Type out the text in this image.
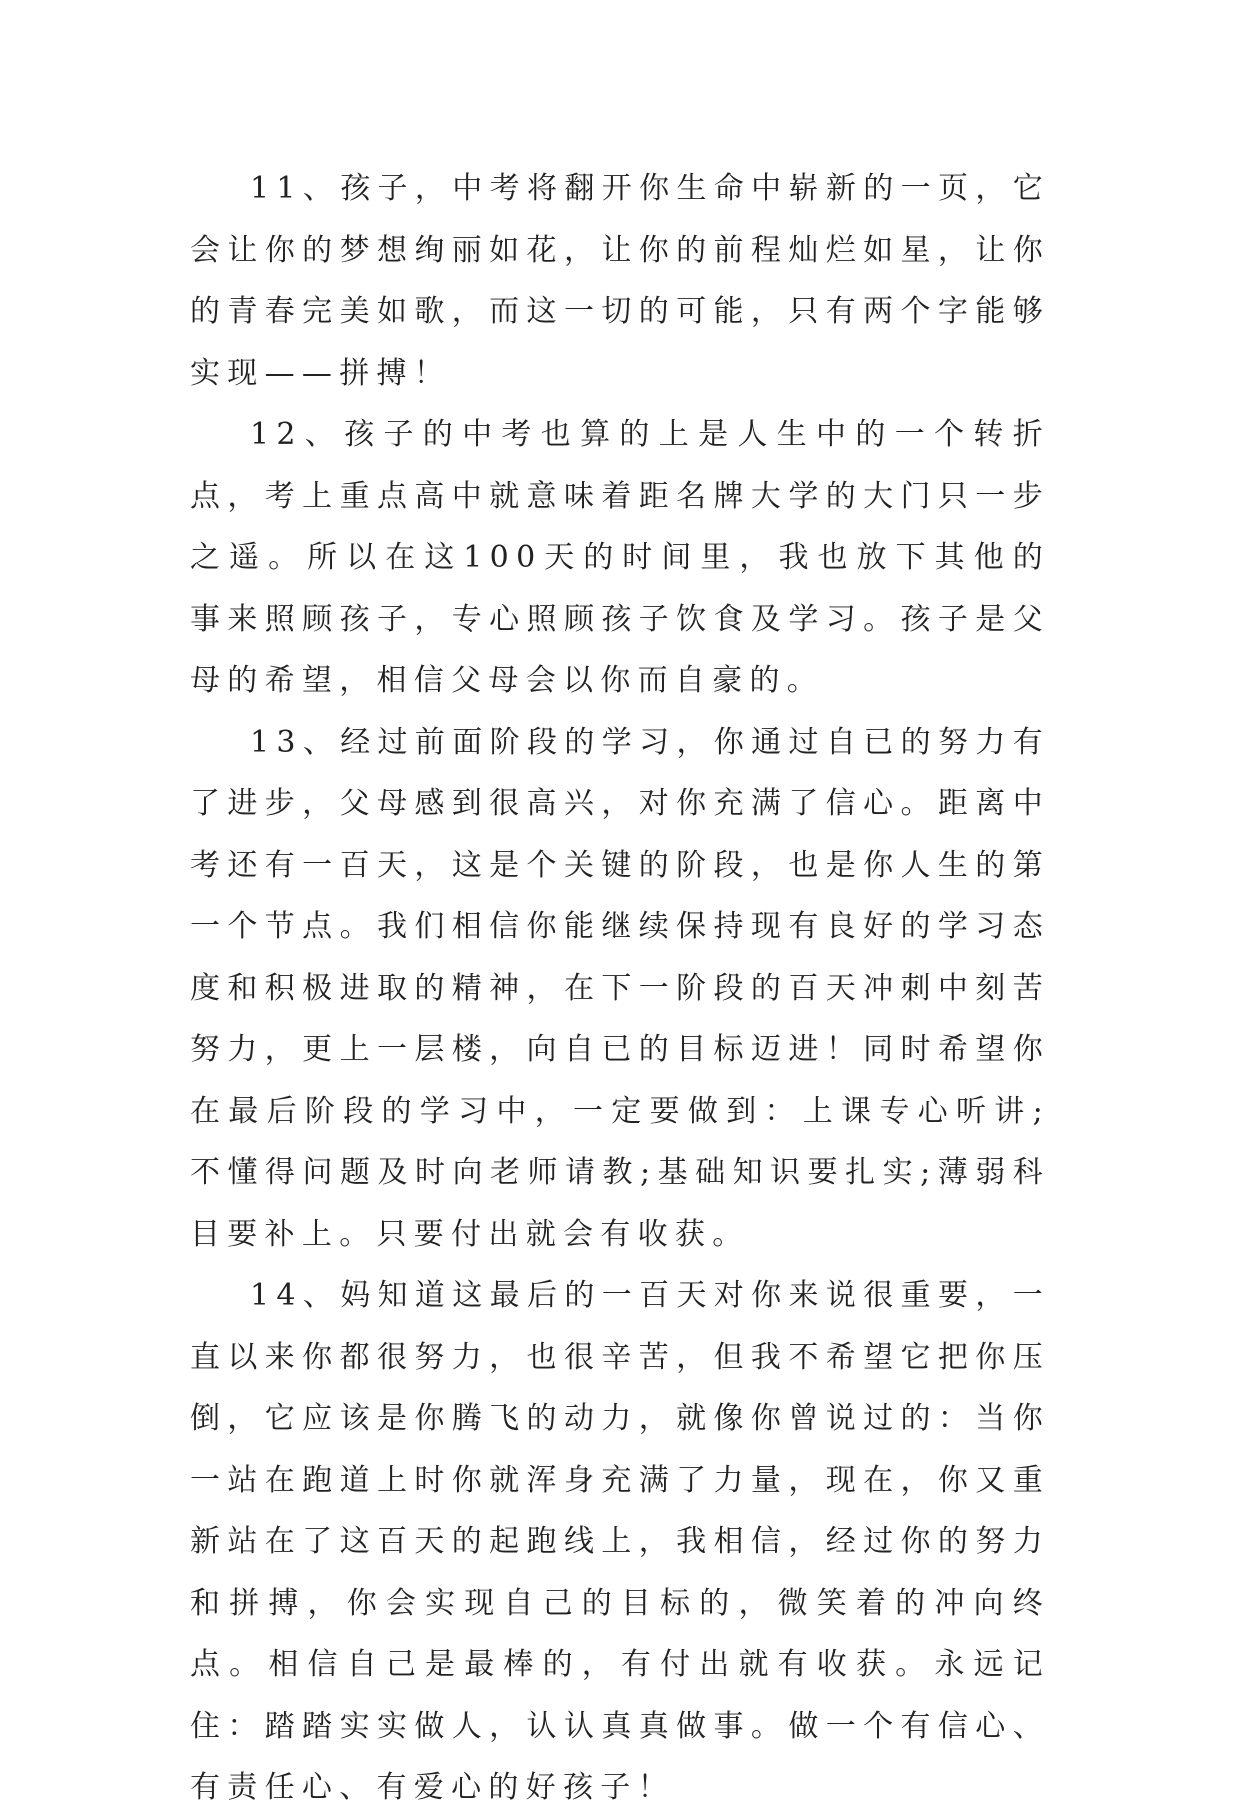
11、孩子，中考将翻开你生命中崭新的一页，它会让你的梦想绚丽如花，让你的前程灿烂如星，让你的青春完美如歌，而这一切的可能，只有两个字能够实现——拼搏！

12、孩子的中考也算的上是人生中的一个转折点，考上重点高中就意味着距名牌大学的大门只一步之遥。所以在这100天的时间里，我也放下其他的事来照顾孩子，专心照顾孩子饮食及学习。孩子是父母的希望，相信父母会以你而自豪的。

13、经过前面阶段的学习，你通过自已的努力有了进步，父母感到很高兴，对你充满了信心。距离中考还有一百天，这是个关键的阶段，也是你人生的第一个节点。我们相信你能继续保持现有良好的学习态度和积极进取的精神，在下一阶段的百天冲刺中刻苦努力，更上一层楼，向自已的目标迈进！同时希望你在最后阶段的学习中，一定要做到：上课专心听讲;不懂得问题及时向老师请教;基础知识要扎实;薄弱科目要补上。只要付出就会有收获。

14、妈知道这最后的一百天对你来说很重要，一直以来你都很努力，也很辛苦，但我不希望它把你压倒，它应该是你腾飞的动力，就像你曾说过的：当你一站在跑道上时你就浑身充满了力量，现在，你又重新站在了这百天的起跑线上，我相信，经过你的努力和拼搏，你会实现自己的目标的，微笑着的冲向终点。相信自己是最棒的，有付出就有收获。永远记住：踏踏实实做人，认认真真做事。做一个有信心、有责任心、有爱心的好孩子！
